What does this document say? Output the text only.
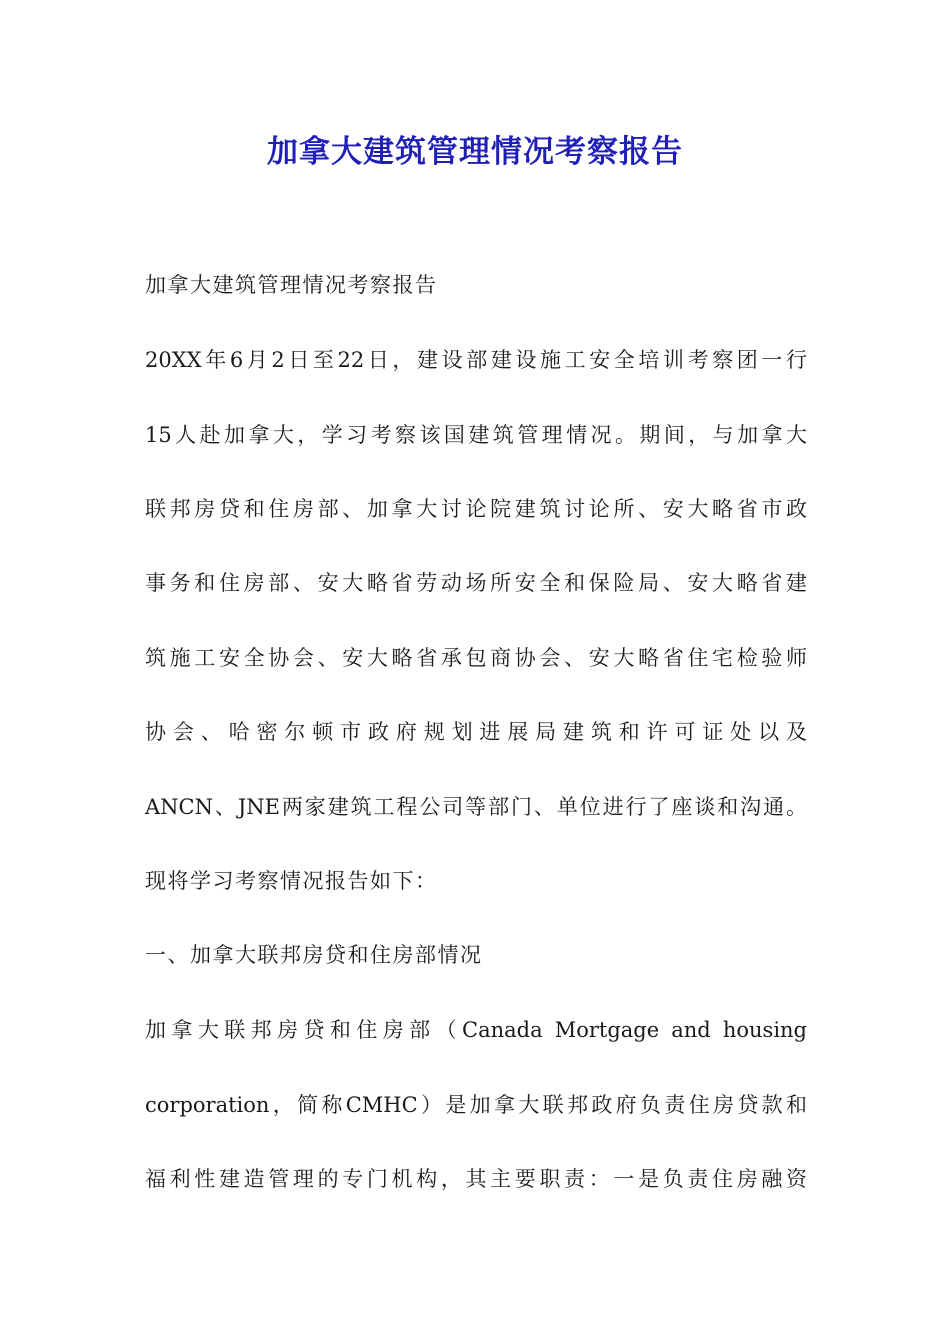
加拿大建筑管理情况考察报告
加拿大建筑管理情况考察报告
20XX年6月2日至22日，建设部建设施工安全培训考察团一行
15人赴加拿大，学习考察该国建筑管理情况。期间，与加拿大
联邦房贷和住房部、加拿大讨论院建筑讨论所、安大略省市政
事务和住房部、安大略省劳动场所安全和保险局、安大略省建
筑施工安全协会、安大略省承包商协会、安大略省住宅检验师
协会、哈密尔顿市政府规划进展局建筑和许可证处以及
ANCN、JNE两家建筑工程公司等部门、单位进行了座谈和沟通。
现将学习考察情况报告如下：
一、加拿大联邦房贷和住房部情况
加拿大联邦房贷和住房部（Canada Mortgage and housing
corporation，简称CMHC）是加拿大联邦政府负责住房贷款和
福利性建造管理的专门机构，其主要职责：一是负责住房融资
